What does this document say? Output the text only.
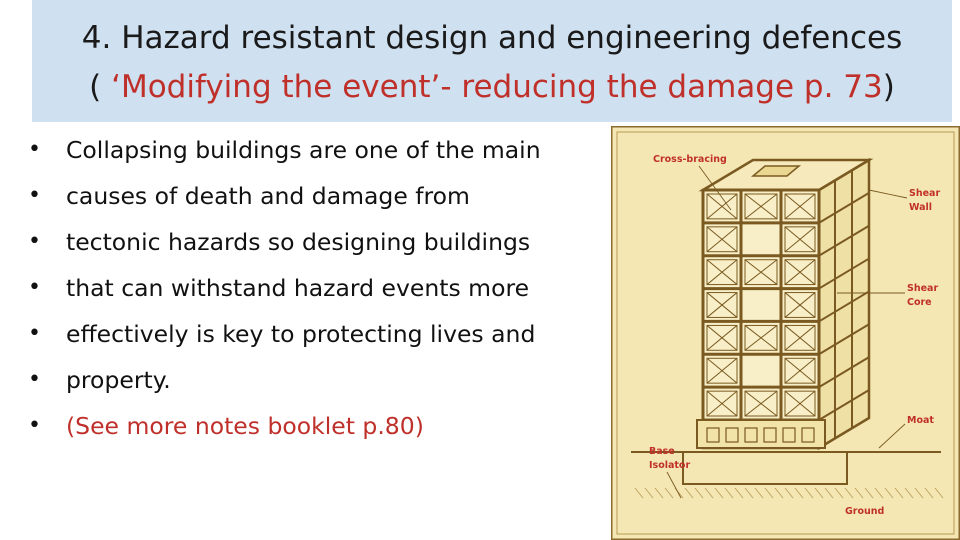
4. Hazard resistant design and engineering defences
( ‘Modifying the event’- reducing the damage p. 73)
• Collapsing buildings are one of the main
• causes of death and damage from
• tectonic hazards so designing buildings
• that can withstand hazard events more
• effectively is key to protecting lives and
• property.
• (See more notes booklet p.80)
Cross-bracing
Shear
Wall
Shear
Core
Moat
Base
Isolator
Ground
